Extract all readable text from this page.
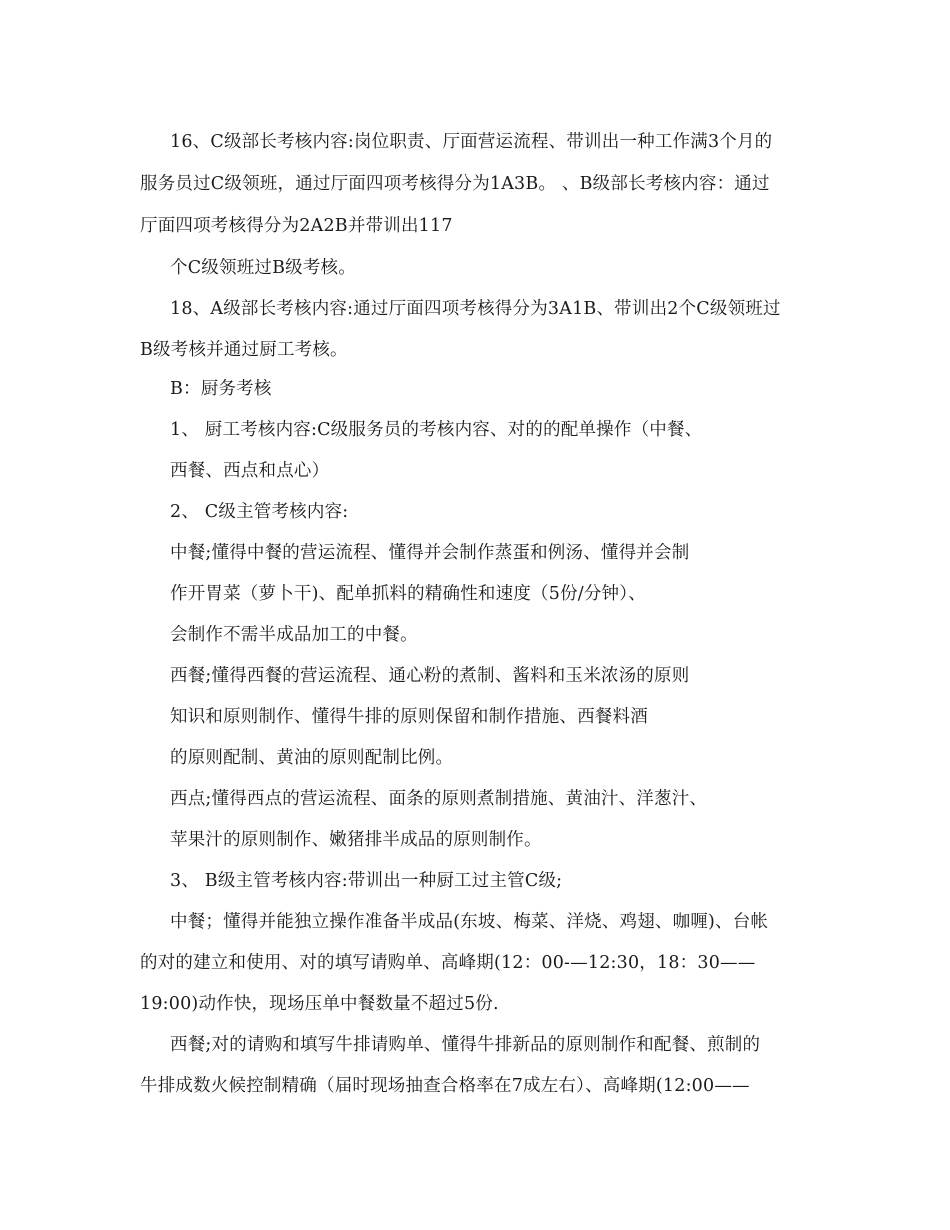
16、C级部长考核内容:岗位职责、厅面营运流程、带训出一种工作满3个月的
服务员过C级领班，通过厅面四项考核得分为1A3B。 、B级部长考核内容：通过
厅面四项考核得分为2A2B并带训出117
个C级领班过B级考核。
18、A级部长考核内容:通过厅面四项考核得分为3A1B、带训出2个C级领班过
B级考核并通过厨工考核。
B：厨务考核
1、 厨工考核内容:C级服务员的考核内容、对的的配单操作（中餐、
西餐、西点和点心）
2、 C级主管考核内容:
中餐;懂得中餐的营运流程、懂得并会制作蒸蛋和例汤、懂得并会制
作开胃菜（萝卜干)、配单抓料的精确性和速度（5份/分钟）、
会制作不需半成品加工的中餐。
西餐;懂得西餐的营运流程、通心粉的煮制、酱料和玉米浓汤的原则
知识和原则制作、懂得牛排的原则保留和制作措施、西餐料酒
的原则配制、黄油的原则配制比例。
西点;懂得西点的营运流程、面条的原则煮制措施、黄油汁、洋葱汁、
苹果汁的原则制作、嫩猪排半成品的原则制作。
3、 B级主管考核内容:带训出一种厨工过主管C级;
中餐；懂得并能独立操作准备半成品(东坡、梅菜、洋烧、鸡翅、咖喱)、台帐
的对的建立和使用、对的填写请购单、高峰期(12：00-—12:30，18：30——
19:00)动作快，现场压单中餐数量不超过5份.
西餐;对的请购和填写牛排请购单、懂得牛排新品的原则制作和配餐、煎制的
牛排成数火候控制精确（届时现场抽查合格率在7成左右）、高峰期(12:00——
